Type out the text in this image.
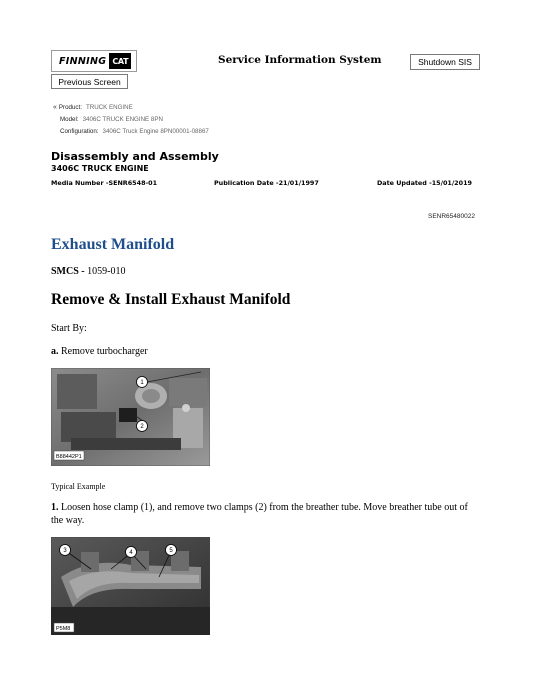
FINNING CAT
Previous Screen
Service Information System	Shutdown SIS
« Product: TRUCK ENGINE
Model: 3406C TRUCK ENGINE 8PN
Configuration: 3406C Truck Engine 8PN00001-08867
Disassembly and Assembly
3406C TRUCK ENGINE
Media Number -SENR6548-01	Publication Date -21/01/1997	Date Updated -15/01/2019
SENR65480022
Exhaust Manifold
SMCS - 1059-010
Remove & Install Exhaust Manifold
Start By:
a. Remove turbocharger
1
2
B88442P1
Typical Example
1. Loosen hose clamp (1), and remove two clamps (2) from the breather tube. Move breather tube out of the way.
3	4	5
P5M8
